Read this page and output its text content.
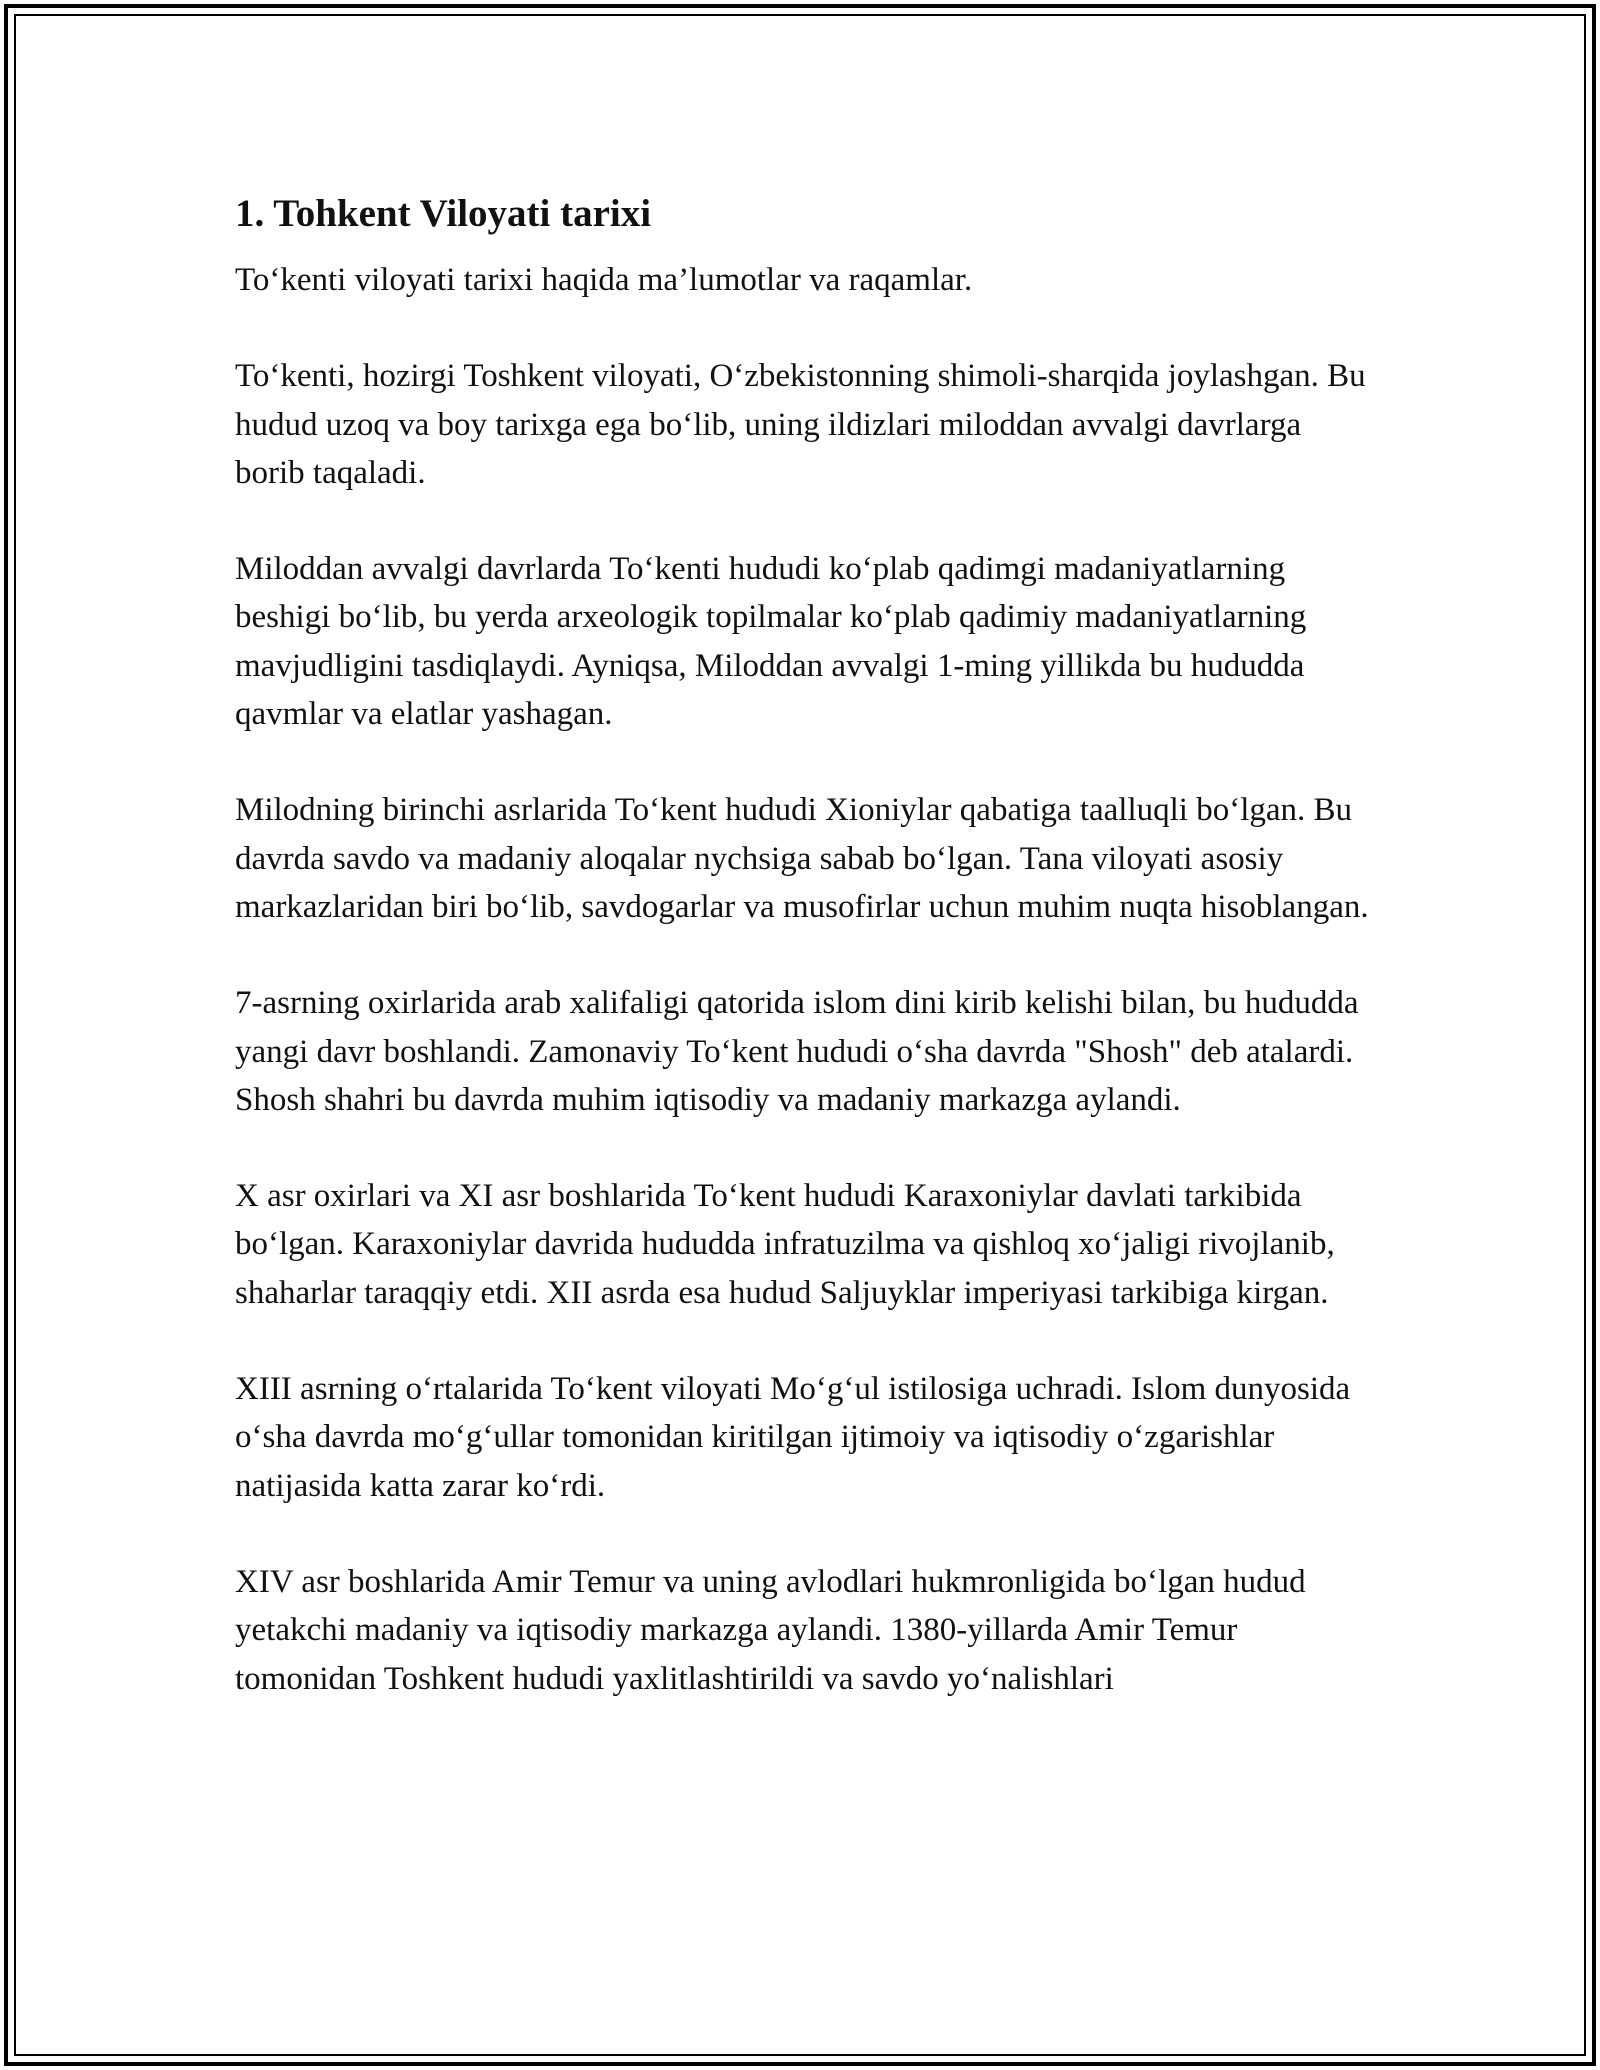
1. Tohkent Viloyati tarixi

To‘kenti viloyati tarixi haqida ma’lumotlar va raqamlar.

To‘kenti, hozirgi Toshkent viloyati, O‘zbekistonning shimoli-sharqida joylashgan. Bu hudud uzoq va boy tarixga ega bo‘lib, uning ildizlari miloddan avvalgi davrlarga borib taqaladi.

Miloddan avvalgi davrlarda To‘kenti hududi ko‘plab qadimgi madaniyatlarning beshigi bo‘lib, bu yerda arxeologik topilmalar ko‘plab qadimiy madaniyatlarning mavjudligini tasdiqlaydi. Ayniqsa, Miloddan avvalgi 1-ming yillikda bu hududda qavmlar va elatlar yashagan.

Milodning birinchi asrlarida To‘kent hududi Xioniylar qabatiga taalluqli bo‘lgan. Bu davrda savdo va madaniy aloqalar nychsiga sabab bo‘lgan. Tana viloyati asosiy markazlaridan biri bo‘lib, savdogarlar va musofirlar uchun muhim nuqta hisoblangan.

7-asrning oxirlarida arab xalifaligi qatorida islom dini kirib kelishi bilan, bu hududda yangi davr boshlandi. Zamonaviy To‘kent hududi o‘sha davrda "Shosh" deb atalardi. Shosh shahri bu davrda muhim iqtisodiy va madaniy markazga aylandi.

X asr oxirlari va XI asr boshlarida To‘kent hududi Karaxoniylar davlati tarkibida bo‘lgan. Karaxoniylar davrida hududda infratuzilma va qishloq xo‘jaligi rivojlanib, shaharlar taraqqiy etdi. XII asrda esa hudud Saljuyklar imperiyasi tarkibiga kirgan.

XIII asrning o‘rtalarida To‘kent viloyati Mo‘g‘ul istilosiga uchradi. Islom dunyosida o‘sha davrda mo‘g‘ullar tomonidan kiritilgan ijtimoiy va iqtisodiy o‘zgarishlar natijasida katta zarar ko‘rdi.

XIV asr boshlarida Amir Temur va uning avlodlari hukmronligida bo‘lgan hudud yetakchi madaniy va iqtisodiy markazga aylandi. 1380-yillarda Amir Temur tomonidan Toshkent hududi yaxlitlashtirildi va savdo yo‘nalishlari
